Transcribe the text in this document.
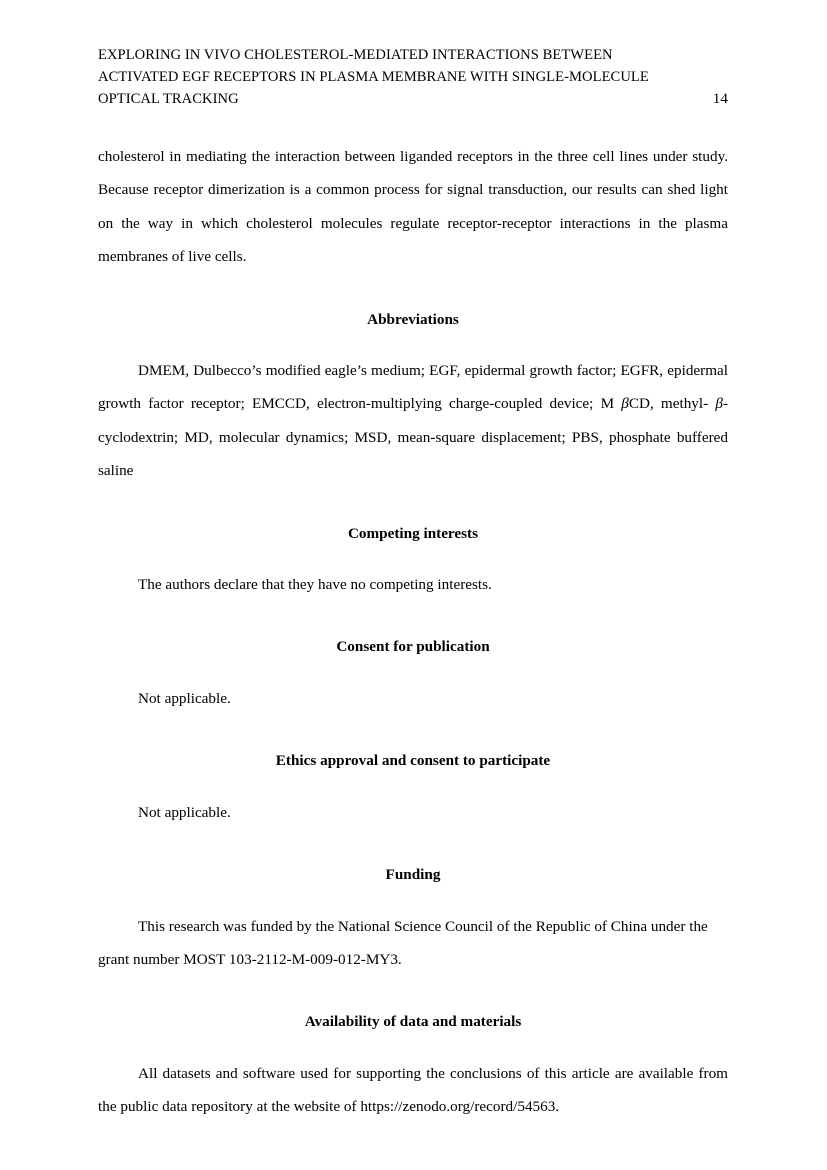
EXPLORING IN VIVO CHOLESTEROL-MEDIATED INTERACTIONS BETWEEN
ACTIVATED EGF RECEPTORS IN PLASMA MEMBRANE WITH SINGLE-MOLECULE
OPTICAL TRACKING	14

cholesterol in mediating the interaction between liganded receptors in the three cell lines under study. Because receptor dimerization is a common process for signal transduction, our results can shed light on the way in which cholesterol molecules regulate receptor-receptor interactions in the plasma membranes of live cells.

Abbreviations

DMEM, Dulbecco’s modified eagle’s medium; EGF, epidermal growth factor; EGFR, epidermal growth factor receptor; EMCCD, electron-multiplying charge-coupled device; M βCD, methyl- β-cyclodextrin; MD, molecular dynamics; MSD, mean-square displacement; PBS, phosphate buffered saline

Competing interests

The authors declare that they have no competing interests.

Consent for publication

Not applicable.

Ethics approval and consent to participate

Not applicable.

Funding

This research was funded by the National Science Council of the Republic of China under the grant number MOST 103-2112-M-009-012-MY3.

Availability of data and materials

All datasets and software used for supporting the conclusions of this article are available from the public data repository at the website of https://zenodo.org/record/54563.
